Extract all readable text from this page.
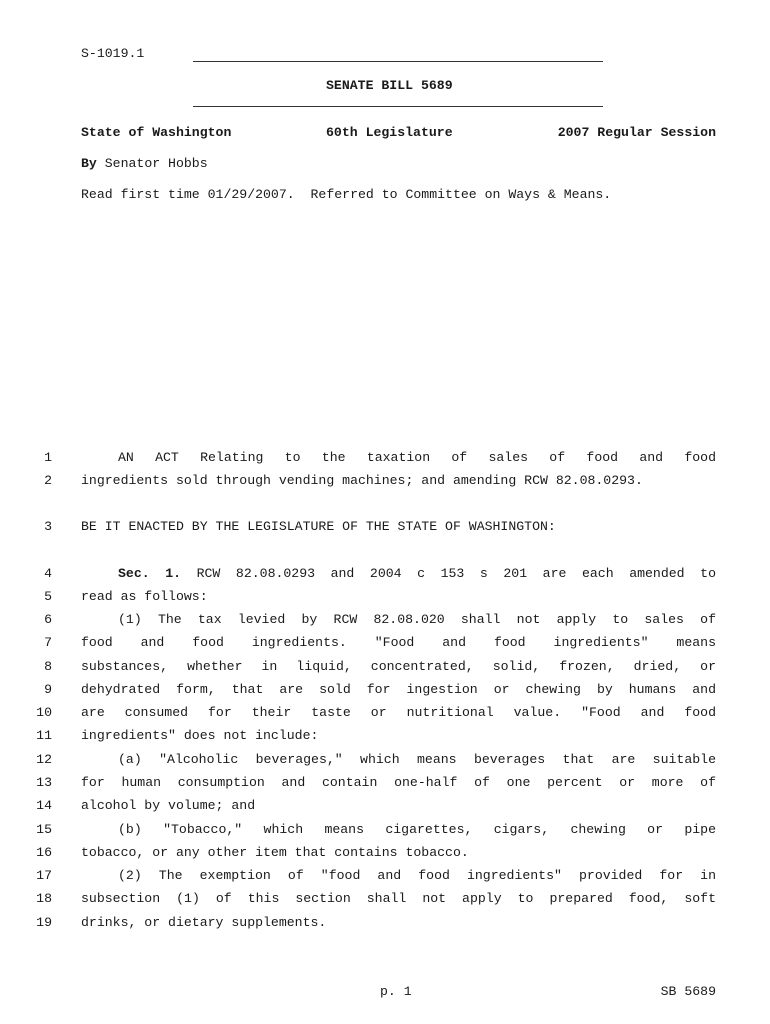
S-1019.1
SENATE BILL 5689
State of Washington	60th Legislature	2007 Regular Session
By Senator Hobbs
Read first time 01/29/2007.  Referred to Committee on Ways & Means.
1	AN ACT Relating to the taxation of sales of food and food
2 ingredients sold through vending machines; and amending RCW 82.08.0293.
3 BE IT ENACTED BY THE LEGISLATURE OF THE STATE OF WASHINGTON:
4	Sec. 1. RCW 82.08.0293 and 2004 c 153 s 201 are each amended to
5 read as follows:
6	(1) The tax levied by RCW 82.08.020 shall not apply to sales of
7 food and food ingredients. "Food and food ingredients" means
8 substances, whether in liquid, concentrated, solid, frozen, dried, or
9 dehydrated form, that are sold for ingestion or chewing by humans and
10 are consumed for their taste or nutritional value. "Food and food
11 ingredients" does not include:
12	(a) "Alcoholic beverages," which means beverages that are suitable
13 for human consumption and contain one-half of one percent or more of
14 alcohol by volume; and
15	(b) "Tobacco," which means cigarettes, cigars, chewing or pipe
16 tobacco, or any other item that contains tobacco.
17	(2) The exemption of "food and food ingredients" provided for in
18 subsection (1) of this section shall not apply to prepared food, soft
19 drinks, or dietary supplements.
p. 1	SB 5689
